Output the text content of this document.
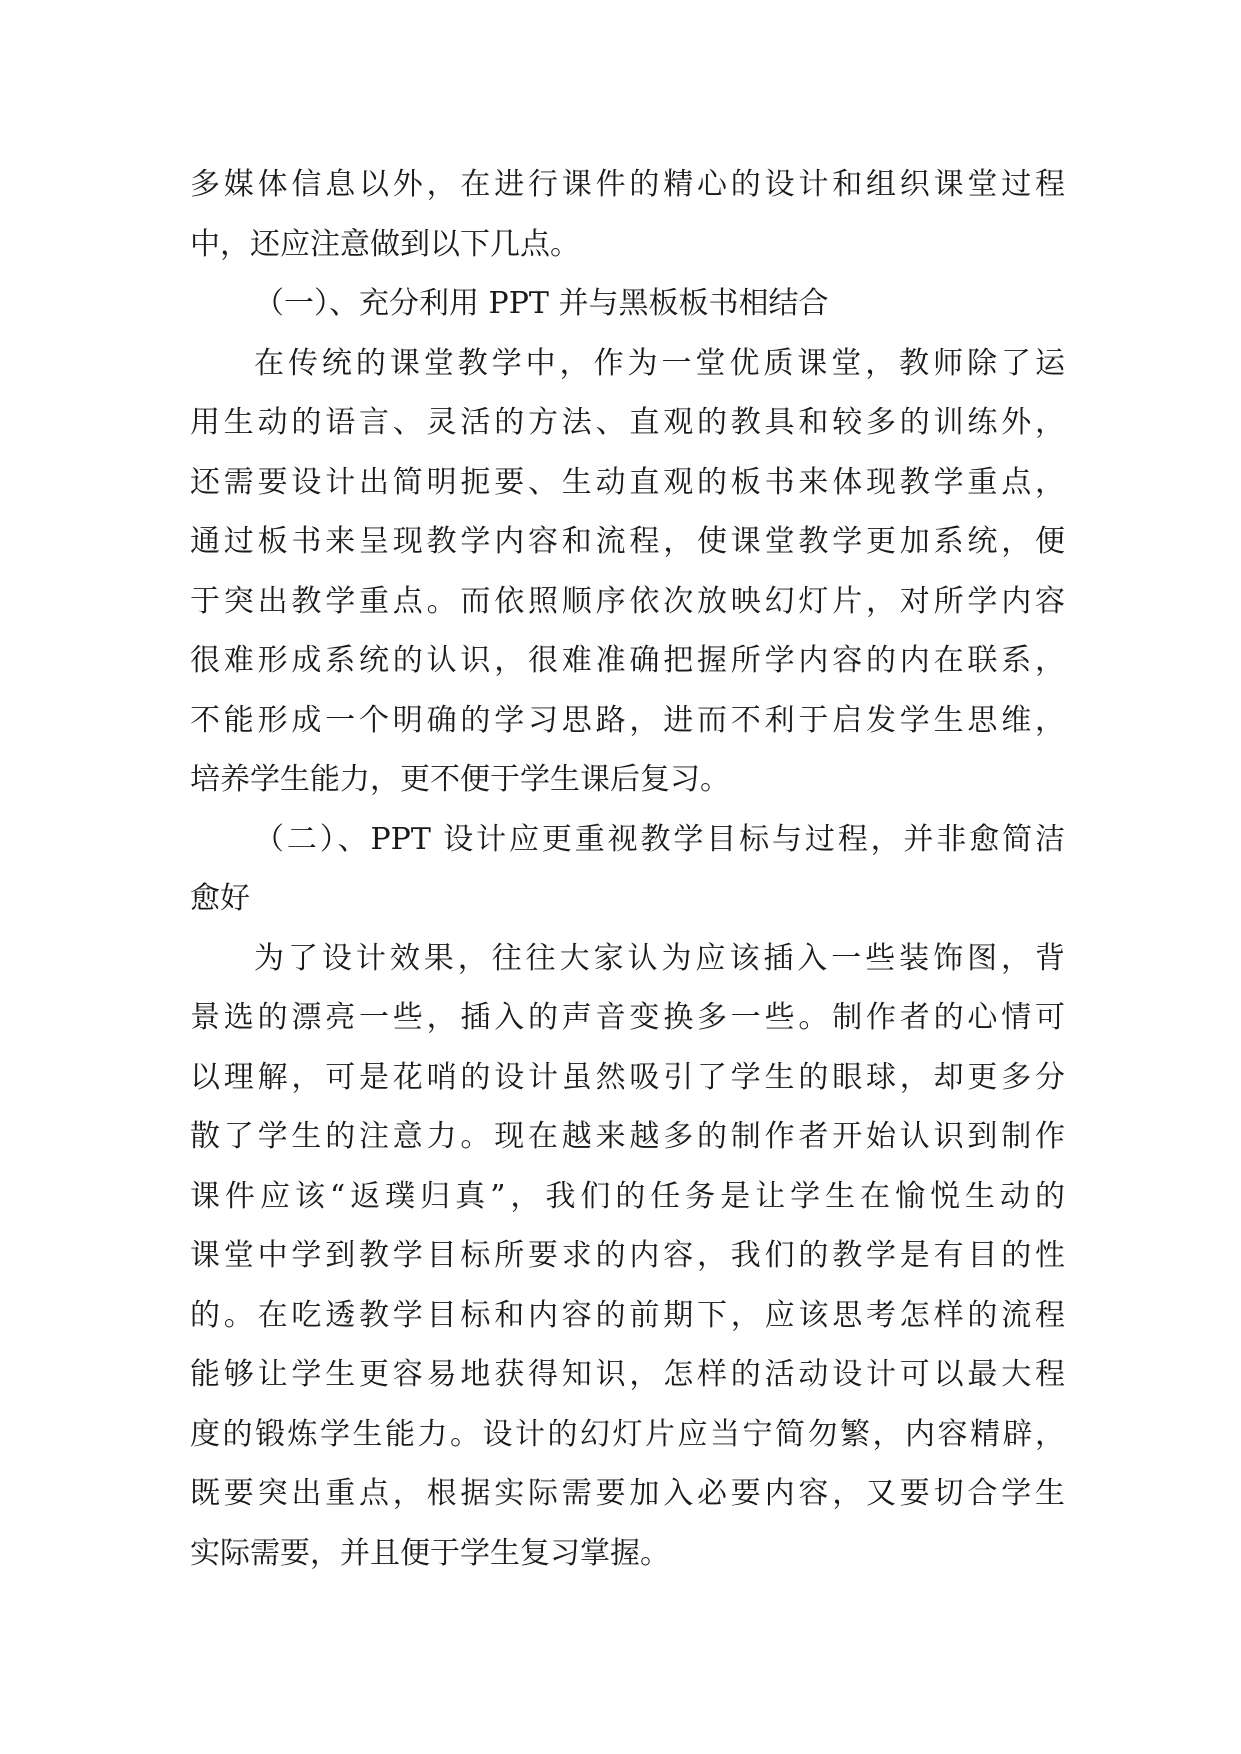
多媒体信息以外，在进行课件的精心的设计和组织课堂过程
中，还应注意做到以下几点。
（一）、充分利用 PPT 并与黑板板书相结合
在传统的课堂教学中，作为一堂优质课堂，教师除了运
用生动的语言、灵活的方法、直观的教具和较多的训练外，
还需要设计出简明扼要、生动直观的板书来体现教学重点，
通过板书来呈现教学内容和流程，使课堂教学更加系统，便
于突出教学重点。而依照顺序依次放映幻灯片，对所学内容
很难形成系统的认识，很难准确把握所学内容的内在联系，
不能形成一个明确的学习思路，进而不利于启发学生思维，
培养学生能力，更不便于学生课后复习。
（二）、PPT 设计应更重视教学目标与过程，并非愈简洁
愈好
为了设计效果，往往大家认为应该插入一些装饰图，背
景选的漂亮一些，插入的声音变换多一些。制作者的心情可
以理解，可是花哨的设计虽然吸引了学生的眼球，却更多分
散了学生的注意力。现在越来越多的制作者开始认识到制作
课件应该“返璞归真”，我们的任务是让学生在愉悦生动的
课堂中学到教学目标所要求的内容，我们的教学是有目的性
的。在吃透教学目标和内容的前期下，应该思考怎样的流程
能够让学生更容易地获得知识，怎样的活动设计可以最大程
度的锻炼学生能力。设计的幻灯片应当宁简勿繁，内容精辟，
既要突出重点，根据实际需要加入必要内容，又要切合学生
实际需要，并且便于学生复习掌握。
